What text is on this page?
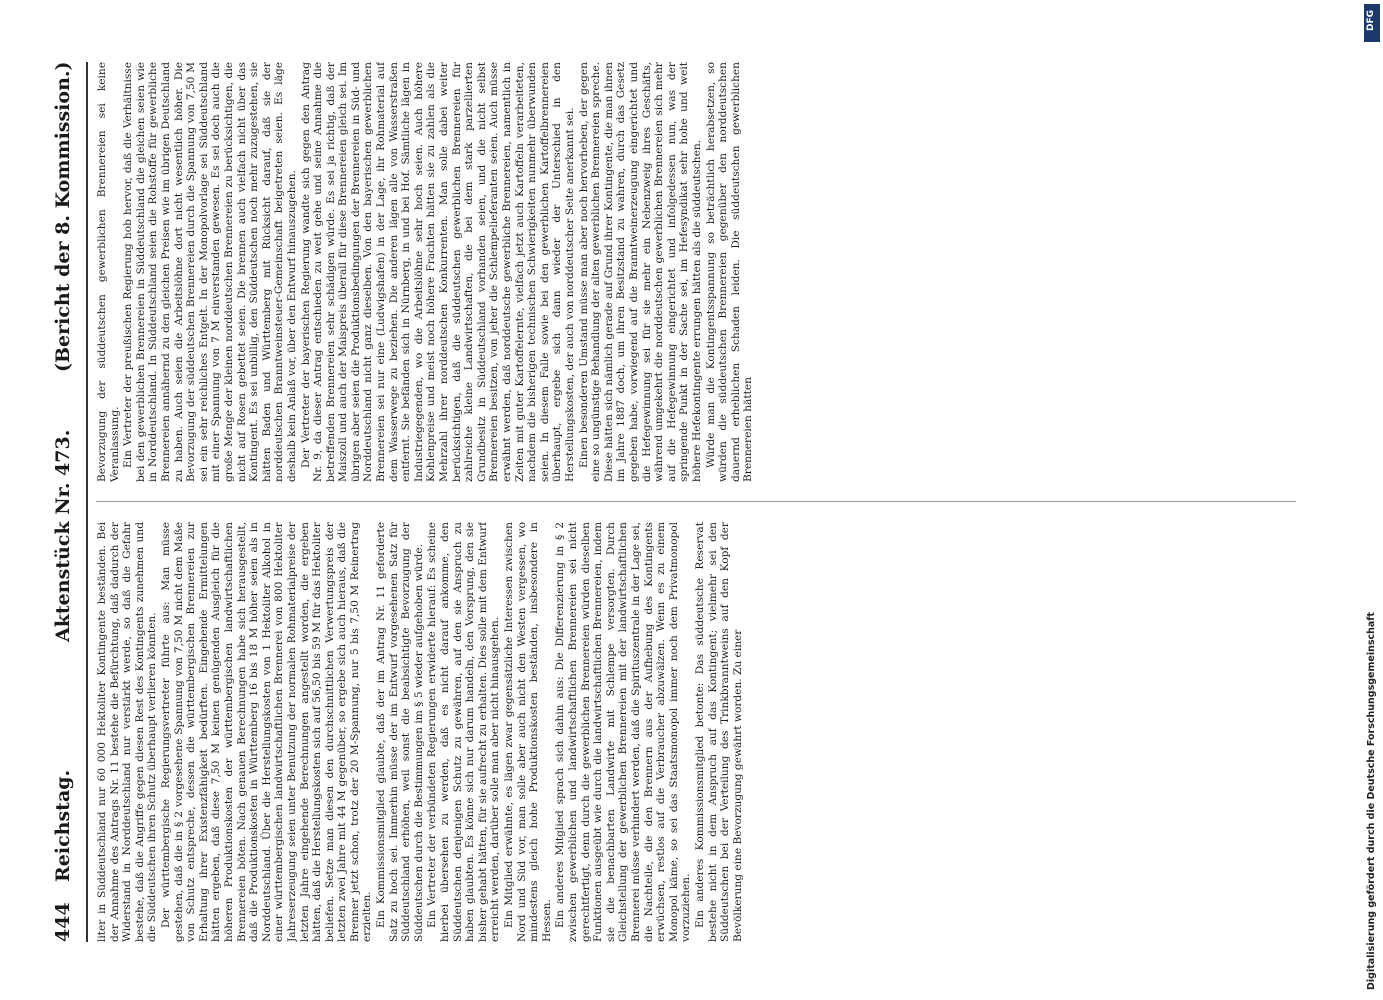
444
Reichstag.
Aktenstück Nr. 473.
(Bericht der 8. Kommission.)

liter in Süddeutschland nur 60 000 Hektoliter Kontingente beständen. Bei der Annahme des Antrags Nr. 11 bestehe die Befürchtung, daß dadurch der Widerstand in Norddeutschland nur verstärkt werde, so daß die Gefahr bestehe, daß die Angriffe gegen diesen Rest des Kontingents zunehmen und die Süddeutschen ihren Schutz überhaupt verlieren könnten. Der württembergische Regierungsvertreter führte aus: Man müsse gestehen, daß die in § 2 vorgesehene Spannung von 7,50 M nicht dem Maße von Schutz entspreche, dessen die württembergischen Brennereien zur Erhaltung ihrer Existenzfähigkeit bedürften. Eingehende Ermittelungen hätten ergeben, daß diese 7,50 M keinen genügenden Ausgleich für die höheren Produktionskosten der württembergischen landwirtschaftlichen Brennereien böten. Nach genauen Berechnungen habe sich herausgestellt, daß die Produktionskosten in Württemberg 16 bis 18 M höher seien als in Norddeutschland. Über die Herstellungskosten von 1 Hektoliter Alkohol in einer württembergischen landwirtschaftlichen Brennerei von 800 Hektoliter Jahreserzeugung seien unter Benutzung der normalen Rohmaterialpreise der letzten Jahre eingehende Berechnungen angestellt worden, die ergeben hätten, daß die Herstellungskosten sich auf 56,50 bis 59 M für das Hektoliter beliefen. Setze man diesen den durchschnittlichen Verwertungspreis der letzten zwei Jahre mit 44 M gegenüber, so ergebe sich auch hieraus, daß die Brenner jetzt schon, trotz der 20 M-Spannung, nur 5 bis 7,50 M Reinertrag erzielten. Ein Kommissionsmitglied glaubte, daß der im Antrag Nr. 11 geforderte Satz zu hoch sei. Immerhin müsse der im Entwurf vorgesehenen Satz für Süddeutschland erhöhen, weil sonst die beabsichtigte Bevorzugung der Süddeutschen durch die Bestimmungen im § 5 wieder aufgehoben würde. Ein Vertreter der verbündeten Regierungen erwiderte hierauf: Es scheine hierbei übersehen zu werden, daß es nicht darauf ankomme, den Süddeutschen denjenigen Schutz zu gewähren, auf den sie Anspruch zu haben glaubten. Es könne sich nur darum handeln, den Vorsprung, den sie bisher gehabt hätten, für sie aufrecht zu erhalten. Dies solle mit dem Entwurf erreicht werden, darüber solle man aber nicht hinausgehen. Ein Mitglied erwähnte, es lägen zwar gegensätzliche Interessen zwischen Nord und Süd vor, man solle aber auch nicht den Westen vergessen, wo mindestens gleich hohe Produktionskosten beständen, insbesondere in Hessen. Ein anderes Mitglied sprach sich dahin aus: Die Differenzierung in § 2 zwischen gewerblichen und landwirtschaftlichen Brennereien sei nicht gerechtfertigt, denn durch die gewerblichen Brennereien würden dieselben Funktionen ausgeübt wie durch die landwirtschaftlichen Brennereien, indem sie die benachbarten Landwirte mit Schlempe versorgten. Durch Gleichstellung der gewerblichen Brennereien mit der landwirtschaftlichen Brennerei müsse verhindert werden, daß die Spirituszentrale in der Lage sei, die Nachteile, die den Brennern aus der Aufhebung des Kontingents erwüchsen, restlos auf die Verbraucher abzuwälzen. Wenn es zu einem Monopol käme, so sei das Staatsmonopol immer noch dem Privatmonopol vorzuziehen. Ein anderes Kommissionsmitglied betonte: Das süddeutsche Reservat bestehe nicht in dem Anspruch auf das Kontingent; vielmehr sei den Süddeutschen bei der Verteilung des Trinkbranntweins auf den Kopf der Bevölkerung eine Bevorzugung gewährt worden. Zu einer

Bevorzugung der süddeutschen gewerblichen Brennereien sei keine Veranlassung. Ein Vertreter der preußischen Regierung hob hervor, daß die Verhältnisse bei den gewerblichen Brennereien in Süddeutschland die gleichen seien wie in Norddeutschland. In Süddeutschland seien die Rohstoffe für gewerbliche Brennereien annähernd zu den gleichen Preisen wie im übrigen Deutschland zu haben. Auch seien die Arbeitslöhne dort nicht wesentlich höher. Die Bevorzugung der süddeutschen Brennereien durch die Spannung von 7,50 M sei ein sehr reichliches Entgelt. In der Monopolvorlage sei Süddeutschland mit einer Spannung von 7 M einverstanden gewesen. Es sei doch auch die große Menge der kleinen norddeutschen Brennereien zu berücksichtigen, die nicht auf Rosen gebettet seien. Die brennen auch vielfach nicht über das Kontingent. Es sei unbillig, den Süddeutschen noch mehr zuzugestehen, sie hätten Baden und Württemberg mit Rücksicht darauf, daß sie der norddeutschen Branntweinsteuer-Gemeinschaft beigetreten seien. Es läge deshalb kein Anlaß vor, über den Entwurf hinauszugehen. Der Vertreter der bayerischen Regierung wandte sich gegen den Antrag Nr. 9, da dieser Antrag entschieden zu weit gehe und seine Annahme die betreffenden Brennereien sehr schädigen würde. Es sei ja richtig, daß der Maiszoll und auch der Maispreis überall für diese Brennereien gleich sei. Im übrigen aber seien die Produktionsbedingungen der Brennereien in Süd- und Norddeutschland nicht ganz dieselben. Von den bayerischen gewerblichen Brennereien sei nur eine (Ludwigshafen) in der Lage, ihr Rohmaterial auf dem Wasserwege zu beziehen. Die anderen lägen alle von Wasserstraßen entfernt. Sie befänden sich in Nürnberg, in und bei Hof. Sämtliche lägen in Industriegegenden, wo die Arbeitslöhne sehr hoch seien. Auch höhere Kohlenpreise und meist noch höhere Frachten hätten sie zu zahlen als die Mehrzahl ihrer norddeutschen Konkurrenten. Man solle dabei weiter berücksichtigen, daß die süddeutschen gewerblichen Brennereien für zahlreiche kleine Landwirtschaften, die bei dem stark parzellierten Grundbesitz in Süddeutschland vorhanden seien, und die nicht selbst Brennereien besitzen, von jeher die Schlempelieferanten seien. Auch müsse erwähnt werden, daß norddeutsche gewerbliche Brennereien, namentlich in Zeiten mit guter Kartoffelernte, vielfach jetzt auch Kartoffeln verarbeiteten, nachdem die bisherigen technischen Schwierigkeiten nunmehr überwunden seien. In diesem Falle sowie bei den gewerblichen Kartoffelbrennereien überhaupt, ergebe sich dann wieder der Unterschied in den Herstellungskosten, der auch von norddeutscher Seite anerkannt sei. Einen besonderen Umstand müsse man aber noch hervorheben, der gegen eine so ungünstige Behandlung der alten gewerblichen Brennereien spreche. Diese hätten sich nämlich gerade auf Grund ihrer Kontingente, die man ihnen im Jahre 1887 doch, um ihren Besitzstand zu wahren, durch das Gesetz gegeben habe, vorwiegend auf die Branntweinerzeugung eingerichtet und die Hefegewinnung sei für sie mehr ein Nebenzweig ihres Geschäfts, während umgekehrt die norddeutschen gewerblichen Brennereien sich mehr auf die Hefegewinnung eingerichtet und infolgedessen nun, was der springende Punkt in der Sache sei, im Hefesyndikat sehr hohe und weit höhere Hefekontingente errungen hätten als die süddeutschen. Würde man die Kontingentsspannung so beträchtlich herabsetzen, so würden die süddeutschen Brennereien gegenüber den norddeutschen dauernd erheblichen Schaden leiden. Die süddeutschen gewerblichen Brennereien hätten

DFG
Digitalisierung gefördert durch die Deutsche Forschungsgemeinschaft
